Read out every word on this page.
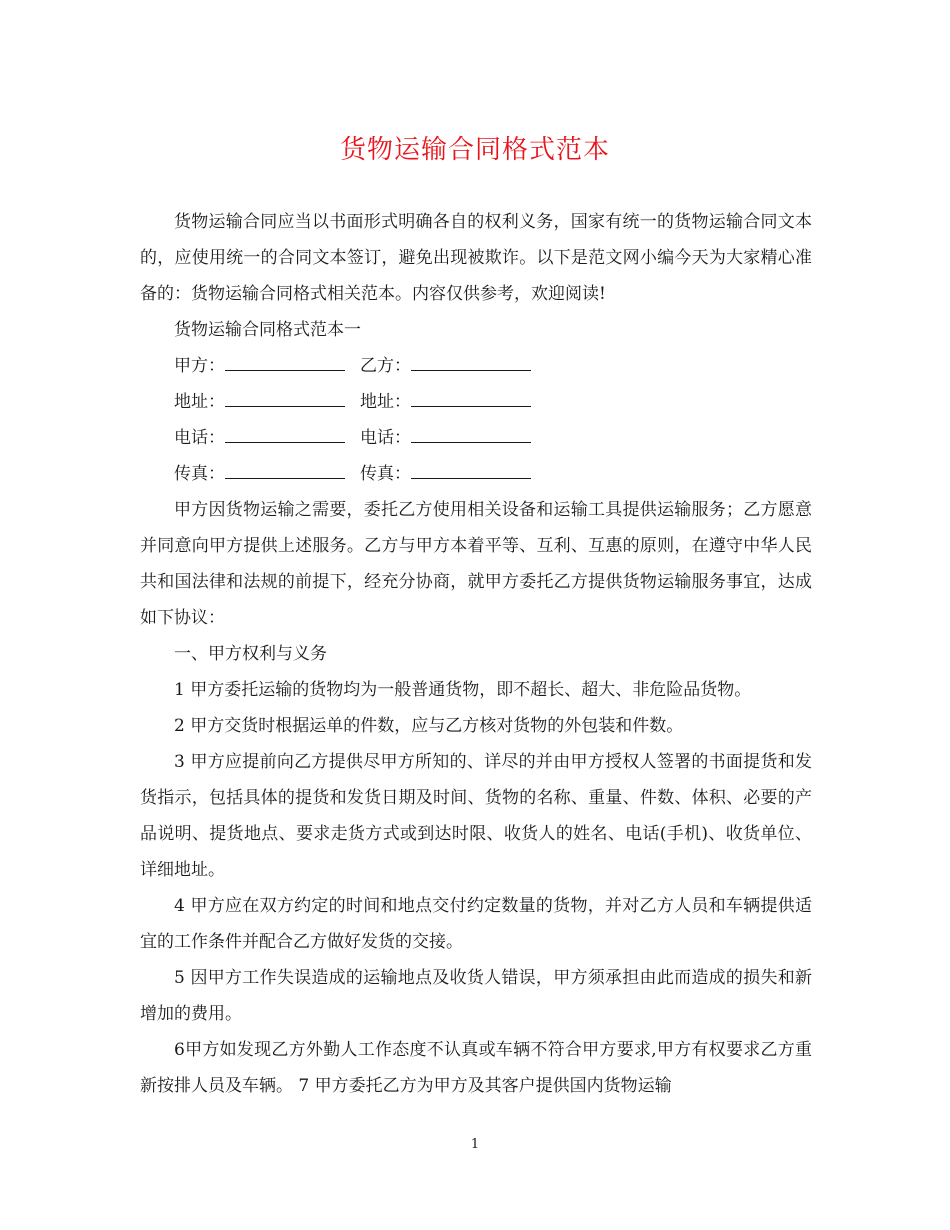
货物运输合同格式范本

货物运输合同应当以书面形式明确各自的权利义务，国家有统一的货物运输合同文本的，应使用统一的合同文本签订，避免出现被欺诈。以下是范文网小编今天为大家精心准备的：货物运输合同格式相关范本。内容仅供参考，欢迎阅读!

货物运输合同格式范本一

甲方：	乙方：
地址：	地址：
电话：	电话：
传真：	传真：

甲方因货物运输之需要，委托乙方使用相关设备和运输工具提供运输服务；乙方愿意并同意向甲方提供上述服务。乙方与甲方本着平等、互利、互惠的原则，在遵守中华人民共和国法律和法规的前提下，经充分协商，就甲方委托乙方提供货物运输服务事宜，达成如下协议：

一、甲方权利与义务

1 甲方委托运输的货物均为一般普通货物，即不超长、超大、非危险品货物。

2 甲方交货时根据运单的件数，应与乙方核对货物的外包装和件数。

3 甲方应提前向乙方提供尽甲方所知的、详尽的并由甲方授权人签署的书面提货和发货指示，包括具体的提货和发货日期及时间、货物的名称、重量、件数、体积、必要的产品说明、提货地点、要求走货方式或到达时限、收货人的姓名、电话(手机)、收货单位、详细地址。

4 甲方应在双方约定的时间和地点交付约定数量的货物，并对乙方人员和车辆提供适宜的工作条件并配合乙方做好发货的交接。

5 因甲方工作失误造成的运输地点及收货人错误，甲方须承担由此而造成的损失和新增加的费用。

6甲方如发现乙方外勤人工作态度不认真或车辆不符合甲方要求,甲方有权要求乙方重新按排人员及车辆。 7 甲方委托乙方为甲方及其客户提供国内货物运输

1
